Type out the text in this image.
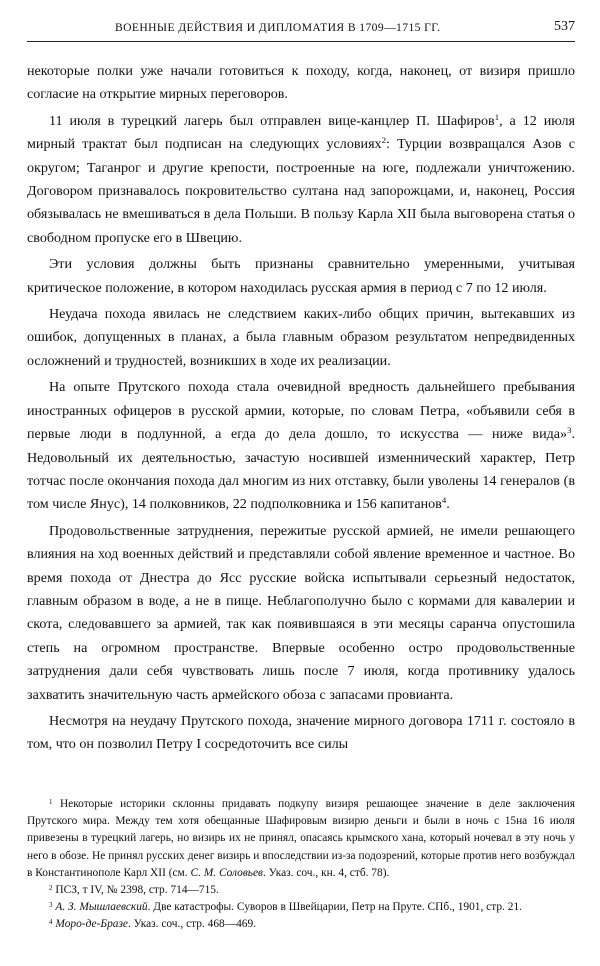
ВОЕННЫЕ ДЕЙСТВИЯ И ДИПЛОМАТИЯ В 1709—1715 ГГ.	537

некоторые полки уже начали готовиться к походу, когда, наконец, от визиря пришло согласие на открытие мирных переговоров.

11 июля в турецкий лагерь был отправлен вице-канцлер П. Шафиров$^1$, а 12 июля мирный трактат был подписан на следующих условиях$^2$: Турции возвращался Азов с округом; Таганрог и другие крепости, построенные на юге, подлежали уничтожению. Договором признавалось покровительство султана над запорожцами, и, наконец, Россия обязывалась не вмешиваться в дела Польши. В пользу Карла XII была выговорена статья о свободном пропуске его в Швецию.

Эти условия должны быть признаны сравнительно умеренными, учитывая критическое положение, в котором находилась русская армия в период с 7 по 12 июля.

Неудача похода явилась не следствием каких-либо общих причин, вытекавших из ошибок, допущенных в планах, а была главным образом результатом непредвиденных осложнений и трудностей, возникших в ходе их реализации.

На опыте Прутского похода стала очевидной вредность дальнейшего пребывания иностранных офицеров в русской армии, которые, по словам Петра, «объявили себя в первые люди в подлунной, а егда до дела дошло, то искусства — ниже вида»$^3$. Недовольный их деятельностью, зачастую носившей изменнический характер, Петр тотчас после окончания похода дал многим из них отставку, были уволены 14 генералов (в том числе Янус), 14 полковников, 22 подполковника и 156 капитанов$^4$.

Продовольственные затруднения, пережитые русской армией, не имели решающего влияния на ход военных действий и представляли собой явление временное и частное. Во время похода от Днестра до Ясс русские войска испытывали серьезный недостаток, главным образом в воде, а не в пище. Неблагополучно было с кормами для кавалерии и скота, следовавшего за армией, так как появившаяся в эти месяцы саранча опустошила степь на огромном пространстве. Впервые особенно остро продовольственные затруднения дали себя чувствовать лишь после 7 июля, когда противнику удалось захватить значительную часть армейского обоза с запасами провианта.

Несмотря на неудачу Прутского похода, значение мирного договора 1711 г. состояло в том, что он позволил Петру I сосредоточить все силы

$^1$ Некоторые историки склонны придавать подкупу визиря решающее значение в деле заключения Прутского мира. Между тем хотя обещанные Шафировым визирю деньги и были в ночь с 15на 16 июля привезены в турецкий лагерь, но визирь их не принял, опасаясь крымского хана, который ночевал в эту ночь у него в обозе. Не принял русских денег визирь и впоследствии из-за подозрений, которые против него возбуждал в Константинополе Карл XII (см. С. М. Соловьев. Указ. соч., кн. 4, стб. 78).

$^2$ ПСЗ, т IV, № 2398, стр. 714—715.

$^3$ А. З. Мышлаевский. Две катастрофы. Суворов в Швейцарии, Петр на Пруте. СПб., 1901, стр. 21.

$^4$ Моро-де-Бразе. Указ. соч., стр. 468—469.
